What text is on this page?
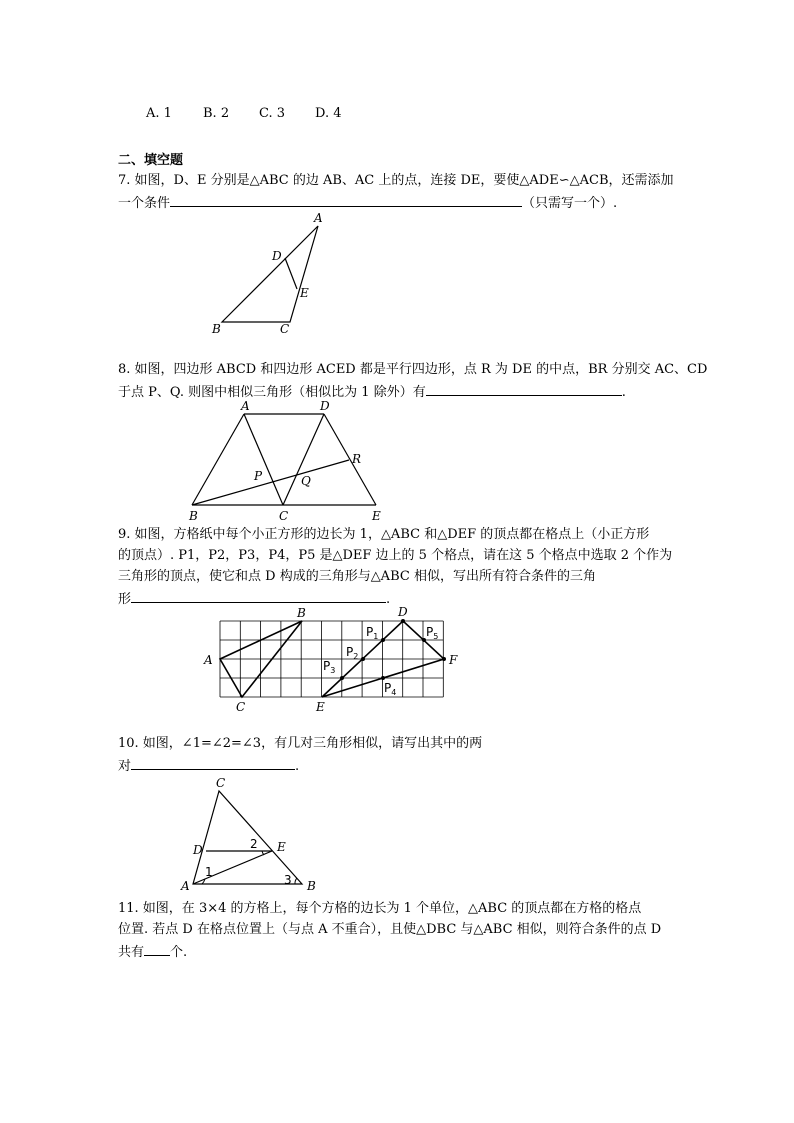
A. 1 B. 2 C. 3 D. 4
二、填空题
7. 如图，D、E 分别是△ABC 的边 AB、AC 上的点，连接 DE，要使△ADE∽△ACB，还需添加
一个条件	（只需写一个）.
A
D
E
B	C
8. 如图，四边形 ABCD 和四边形 ACED 都是平行四边形，点 R 为 DE 的中点，BR 分别交 AC、CD
于点 P、Q. 则图中相似三角形（相似比为 1 除外）有	.
A	D
R
P	Q
B	C	E
9. 如图，方格纸中每个小正方形的边长为 1，△ABC 和△DEF 的顶点都在格点上（小正方形
的顶点）. P1，P2，P3，P4，P5 是△DEF 边上的 5 个格点，请在这 5 个格点中选取 2 个作为
三角形的顶点，使它和点 D 构成的三角形与△ABC 相似，写出所有符合条件的三角
形	.
B	D
A	F
C	E
$P_1$
$P_2$
$P_3$
$P_4$
$P_5$
10. 如图，∠1=∠2=∠3，有几对三角形相似，请写出其中的两
对	.
C
D	E
A	B
1
2
3
11. 如图，在 3×4 的方格上，每个方格的边长为 1 个单位，△ABC 的顶点都在方格的格点
位置. 若点 D 在格点位置上（与点 A 不重合），且使△DBC 与△ABC 相似，则符合条件的点 D
共有 个.
